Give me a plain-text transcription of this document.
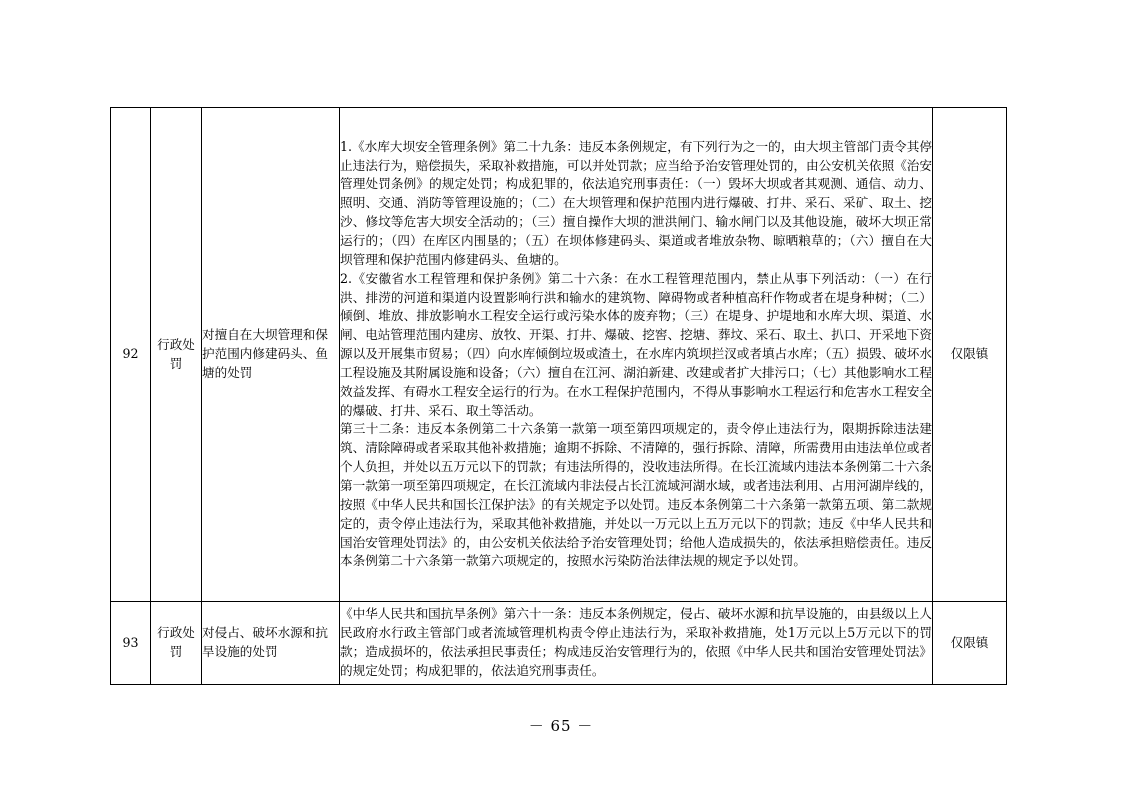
92	行政处罚	对擅自在大坝管理和保护范围内修建码头、鱼塘的处罚	1.《水库大坝安全管理条例》第二十九条：违反本条例规定，有下列行为之一的，由大坝主管部门责令其停止违法行为，赔偿损失，采取补救措施，可以并处罚款；应当给予治安管理处罚的，由公安机关依照《治安管理处罚条例》的规定处罚；构成犯罪的，依法追究刑事责任：（一）毁坏大坝或者其观测、通信、动力、照明、交通、消防等管理设施的；（二）在大坝管理和保护范围内进行爆破、打井、采石、采矿、取土、挖沙、修坟等危害大坝安全活动的；（三）擅自操作大坝的泄洪闸门、输水闸门以及其他设施，破坏大坝正常运行的；（四）在库区内围垦的；（五）在坝体修建码头、渠道或者堆放杂物、晾晒粮草的；（六）擅自在大坝管理和保护范围内修建码头、鱼塘的。
2.《安徽省水工程管理和保护条例》第二十六条：在水工程管理范围内，禁止从事下列活动：（一）在行洪、排涝的河道和渠道内设置影响行洪和输水的建筑物、障碍物或者种植高秆作物或者在堤身种树；（二）倾倒、堆放、排放影响水工程安全运行或污染水体的废弃物；（三）在堤身、护堤地和水库大坝、渠道、水闸、电站管理范围内建房、放牧、开渠、打井、爆破、挖窖、挖塘、葬坟、采石、取土、扒口、开采地下资源以及开展集市贸易；（四）向水库倾倒垃圾或渣土，在水库内筑坝拦汊或者填占水库；（五）损毁、破坏水工程设施及其附属设施和设备；（六）擅自在江河、湖泊新建、改建或者扩大排污口；（七）其他影响水工程效益发挥、有碍水工程安全运行的行为。在水工程保护范围内，不得从事影响水工程运行和危害水工程安全的爆破、打井、采石、取土等活动。
第三十二条：违反本条例第二十六条第一款第一项至第四项规定的，责令停止违法行为，限期拆除违法建筑、清除障碍或者采取其他补救措施；逾期不拆除、不清障的，强行拆除、清障，所需费用由违法单位或者个人负担，并处以五万元以下的罚款；有违法所得的，没收违法所得。在长江流域内违法本条例第二十六条第一款第一项至第四项规定，在长江流域内非法侵占长江流域河湖水域，或者违法利用、占用河湖岸线的，按照《中华人民共和国长江保护法》的有关规定予以处罚。违反本条例第二十六条第一款第五项、第二款规定的，责令停止违法行为，采取其他补救措施，并处以一万元以上五万元以下的罚款；违反《中华人民共和国治安管理处罚法》的，由公安机关依法给予治安管理处罚；给他人造成损失的，依法承担赔偿责任。违反本条例第二十六条第一款第六项规定的，按照水污染防治法律法规的规定予以处罚。	仅限镇
93	行政处罚	对侵占、破坏水源和抗旱设施的处罚	《中华人民共和国抗旱条例》第六十一条：违反本条例规定，侵占、破坏水源和抗旱设施的，由县级以上人民政府水行政主管部门或者流域管理机构责令停止违法行为，采取补救措施，处1万元以上5万元以下的罚款；造成损坏的，依法承担民事责任；构成违反治安管理行为的，依照《中华人民共和国治安管理处罚法》的规定处罚；构成犯罪的，依法追究刑事责任。	仅限镇
－ 65 －
